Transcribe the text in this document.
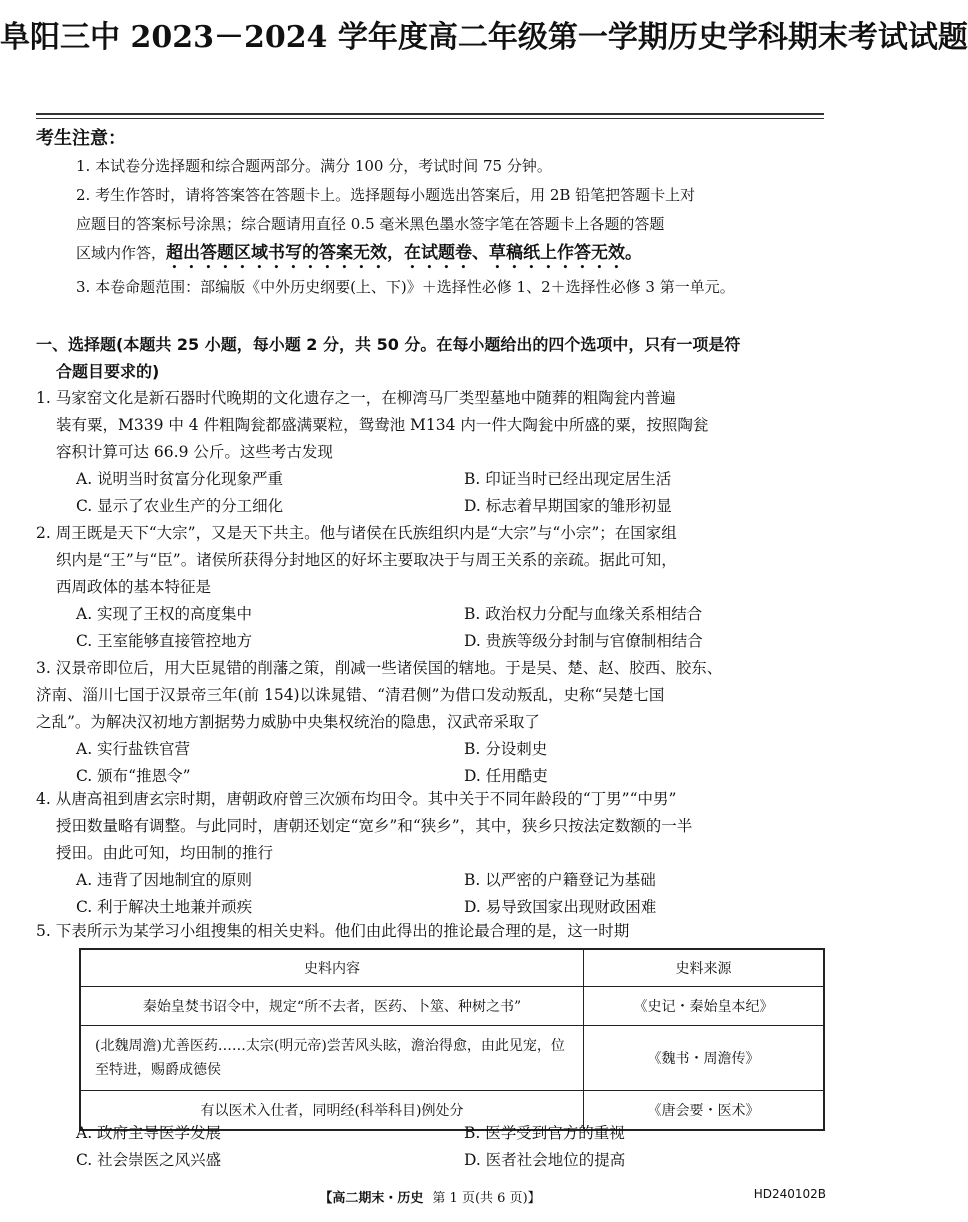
阜阳三中 2023－2024 学年度高二年级第一学期历史学科期末考试试题
考生注意：
1. 本试卷分选择题和综合题两部分。满分 100 分，考试时间 75 分钟。
2. 考生作答时，请将答案答在答题卡上。选择题每小题选出答案后，用 2B 铅笔把答题卡上对
应题目的答案标号涂黑；综合题请用直径 0.5 毫米黑色墨水签字笔在答题卡上各题的答题
区域内作答，超出答题区域书写的答案无效，在试题卷、草稿纸上作答无效。
3. 本卷命题范围：部编版《中外历史纲要(上、下)》＋选择性必修 1、2＋选择性必修 3 第一单元。
一、选择题(本题共 25 小题，每小题 2 分，共 50 分。在每小题给出的四个选项中，只有一项是符
合题目要求的)
1. 马家窑文化是新石器时代晚期的文化遗存之一，在柳湾马厂类型墓地中随葬的粗陶瓮内普遍
装有粟，M339 中 4 件粗陶瓮都盛满粟粒，鸳鸯池 M134 内一件大陶瓮中所盛的粟，按照陶瓮
容积计算可达 66.9 公斤。这些考古发现
A. 说明当时贫富分化现象严重	B. 印证当时已经出现定居生活
C. 显示了农业生产的分工细化	D. 标志着早期国家的雏形初显
2. 周王既是天下“大宗”，又是天下共主。他与诸侯在氏族组织内是“大宗”与“小宗”；在国家组
织内是“王”与“臣”。诸侯所获得分封地区的好坏主要取决于与周王关系的亲疏。据此可知，
西周政体的基本特征是
A. 实现了王权的高度集中	B. 政治权力分配与血缘关系相结合
C. 王室能够直接管控地方	D. 贵族等级分封制与官僚制相结合
3. 汉景帝即位后，用大臣晁错的削藩之策，削减一些诸侯国的辖地。于是吴、楚、赵、胶西、胶东、
济南、淄川七国于汉景帝三年(前 154)以诛晁错、“清君侧”为借口发动叛乱，史称“吴楚七国
之乱”。为解决汉初地方割据势力威胁中央集权统治的隐患，汉武帝采取了
A. 实行盐铁官营	B. 分设刺史
C. 颁布“推恩令”	D. 任用酷吏
4. 从唐高祖到唐玄宗时期，唐朝政府曾三次颁布均田令。其中关于不同年龄段的“丁男”“中男”
授田数量略有调整。与此同时，唐朝还划定“宽乡”和“狭乡”，其中，狭乡只按法定数额的一半
授田。由此可知，均田制的推行
A. 违背了因地制宜的原则	B. 以严密的户籍登记为基础
C. 利于解决土地兼并顽疾	D. 易导致国家出现财政困难
5. 下表所示为某学习小组搜集的相关史料。他们由此得出的推论最合理的是，这一时期
史料内容	史料来源
秦始皇焚书诏令中，规定“所不去者，医药、卜筮、种树之书”	《史记・秦始皇本纪》
(北魏周澹)尤善医药……太宗(明元帝)尝苦风头眩，澹治得愈，由此见宠，位至特进，赐爵成德侯	《魏书・周澹传》
有以医术入仕者，同明经(科举科目)例处分	《唐会要・医术》
A. 政府主导医学发展	B. 医学受到官方的重视
C. 社会崇医之风兴盛	D. 医者社会地位的提高
【高二期末・历史 第 1 页(共 6 页)】	HD240102B
